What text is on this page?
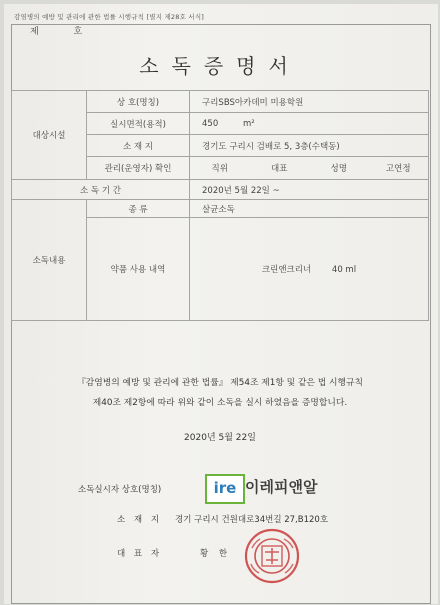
감염병의 예방 및 관리에 관한 법률 시행규칙 [별지 제28호 서식]
제 호
소독증명서
대상시설	상 호(명칭)	구리SBS아카데미 미용학원
	실시면적(용적)	450 m²
	소 재 지	경기도 구리시 검배로 5, 3층(수택동)
	관리(운영자) 확인	직위 대표 성명 고연정

소 독 기 간		2020년 5월 22일 ~
소독내용	종 류	살균소독
	약품 사용 내역	크린앤크리너 40 ml
『감염병의 예방 및 관리에 관한 법률』 제54조 제1항 및 같은 법 시행규칙
제40조 제2항에 따라 위와 같이 소독을 실시 하였음을 증명합니다.
2020년 5월 22일
소독실시자 상호(명칭)	ire 이레피앤알
소 재 지 경기 구리시 건원대로34번길 27,B120호
대 표 자	황 한
